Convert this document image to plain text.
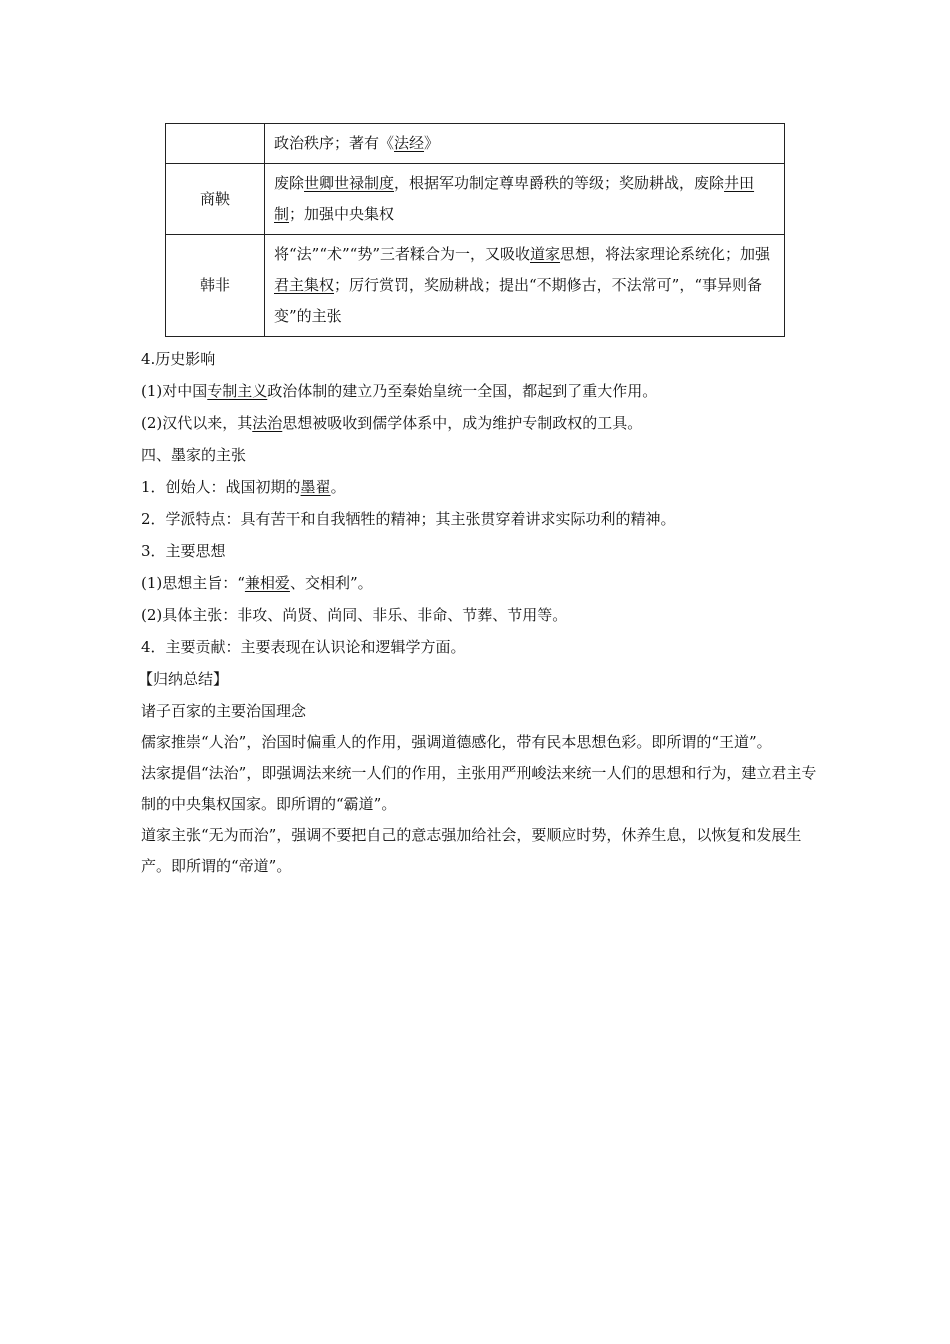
	政治秩序；著有《法经》
商鞅	废除世卿世禄制度，根据军功制定尊卑爵秩的等级；奖励耕战，废除井田制；加强中央集权
韩非	将“法”“术”“势”三者糅合为一，又吸收道家思想，将法家理论系统化；加强君主集权；厉行赏罚，奖励耕战；提出“不期修古，不法常可”，“事异则备变”的主张
4.历史影响
(1)对中国专制主义政治体制的建立乃至秦始皇统一全国，都起到了重大作用。
(2)汉代以来，其法治思想被吸收到儒学体系中，成为维护专制政权的工具。
四、墨家的主张
1．创始人：战国初期的墨翟。
2．学派特点：具有苦干和自我牺牲的精神；其主张贯穿着讲求实际功利的精神。
3．主要思想
(1)思想主旨：“兼相爱、交相利”。
(2)具体主张：非攻、尚贤、尚同、非乐、非命、节葬、节用等。
4．主要贡献：主要表现在认识论和逻辑学方面。
【归纳总结】
诸子百家的主要治国理念
儒家推崇“人治”，治国时偏重人的作用，强调道德感化，带有民本思想色彩。即所谓的“王道”。
法家提倡“法治”，即强调法来统一人们的作用，主张用严刑峻法来统一人们的思想和行为，建立君主专制的中央集权国家。即所谓的“霸道”。
道家主张“无为而治”，强调不要把自己的意志强加给社会，要顺应时势，休养生息，以恢复和发展生产。即所谓的“帝道”。
